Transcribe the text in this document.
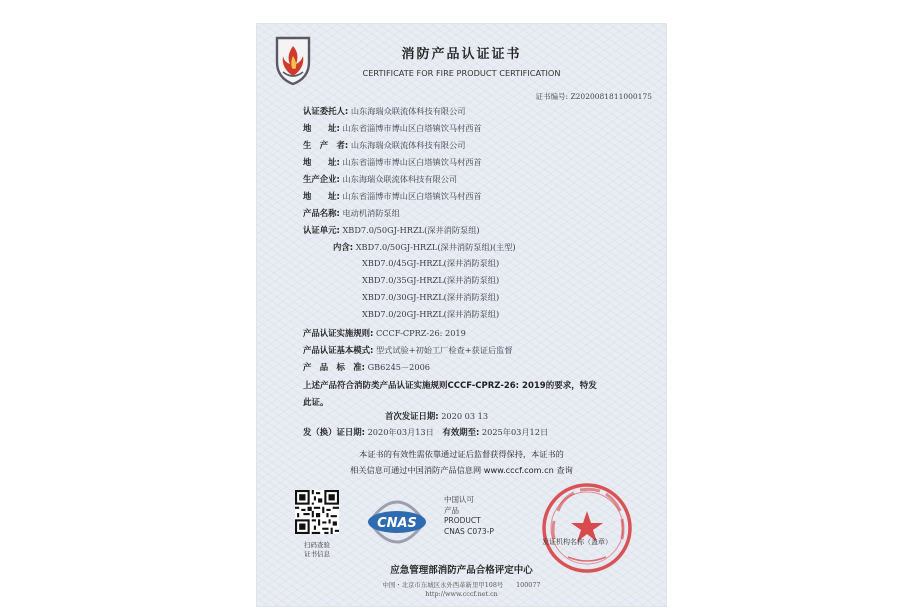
消防产品认证证书
CERTIFICATE FOR FIRE PRODUCT CERTIFICATION
证书编号: Z2020081811000175
认证委托人: 山东海瑞众联流体科技有限公司
地　　址: 山东省淄博市博山区白塔镇饮马村西首
生　产　者: 山东海瑞众联流体科技有限公司
地　　址: 山东省淄博市博山区白塔镇饮马村西首
生产企业: 山东海瑞众联流体科技有限公司
地　　址: 山东省淄博市博山区白塔镇饮马村西首
产品名称: 电动机消防泵组
认证单元: XBD7.0/50GJ-HRZL(深井消防泵组)
内含: XBD7.0/50GJ-HRZL(深井消防泵组)(主型)
XBD7.0/45GJ-HRZL(深井消防泵组)
XBD7.0/35GJ-HRZL(深井消防泵组)
XBD7.0/30GJ-HRZL(深井消防泵组)
XBD7.0/20GJ-HRZL(深井消防泵组)
产品认证实施规则: CCCF-CPRZ-26: 2019
产品认证基本模式: 型式试验+初始工厂检查+获证后监督
产　品　标　准: GB6245－2006
上述产品符合消防类产品认证实施规则CCCF-CPRZ-26: 2019的要求，特发
此证。
首次发证日期: 2020 03 13
发（换）证日期: 2020年03月13日 有效期至: 2025年03月12日
本证书的有效性需依靠通过证后监督获得保持，本证书的
相关信息可通过中国消防产品信息网 www.cccf.com.cn 查询
扫码查验
证书信息
CNAS
中国认可
产品
PRODUCT
CNAS C073-P
发证机构名称（盖章）
应急管理部消防产品合格评定中心
中国・北京市东城区永外西革新里甲108号　　100077
http://www.cccf.net.cn
